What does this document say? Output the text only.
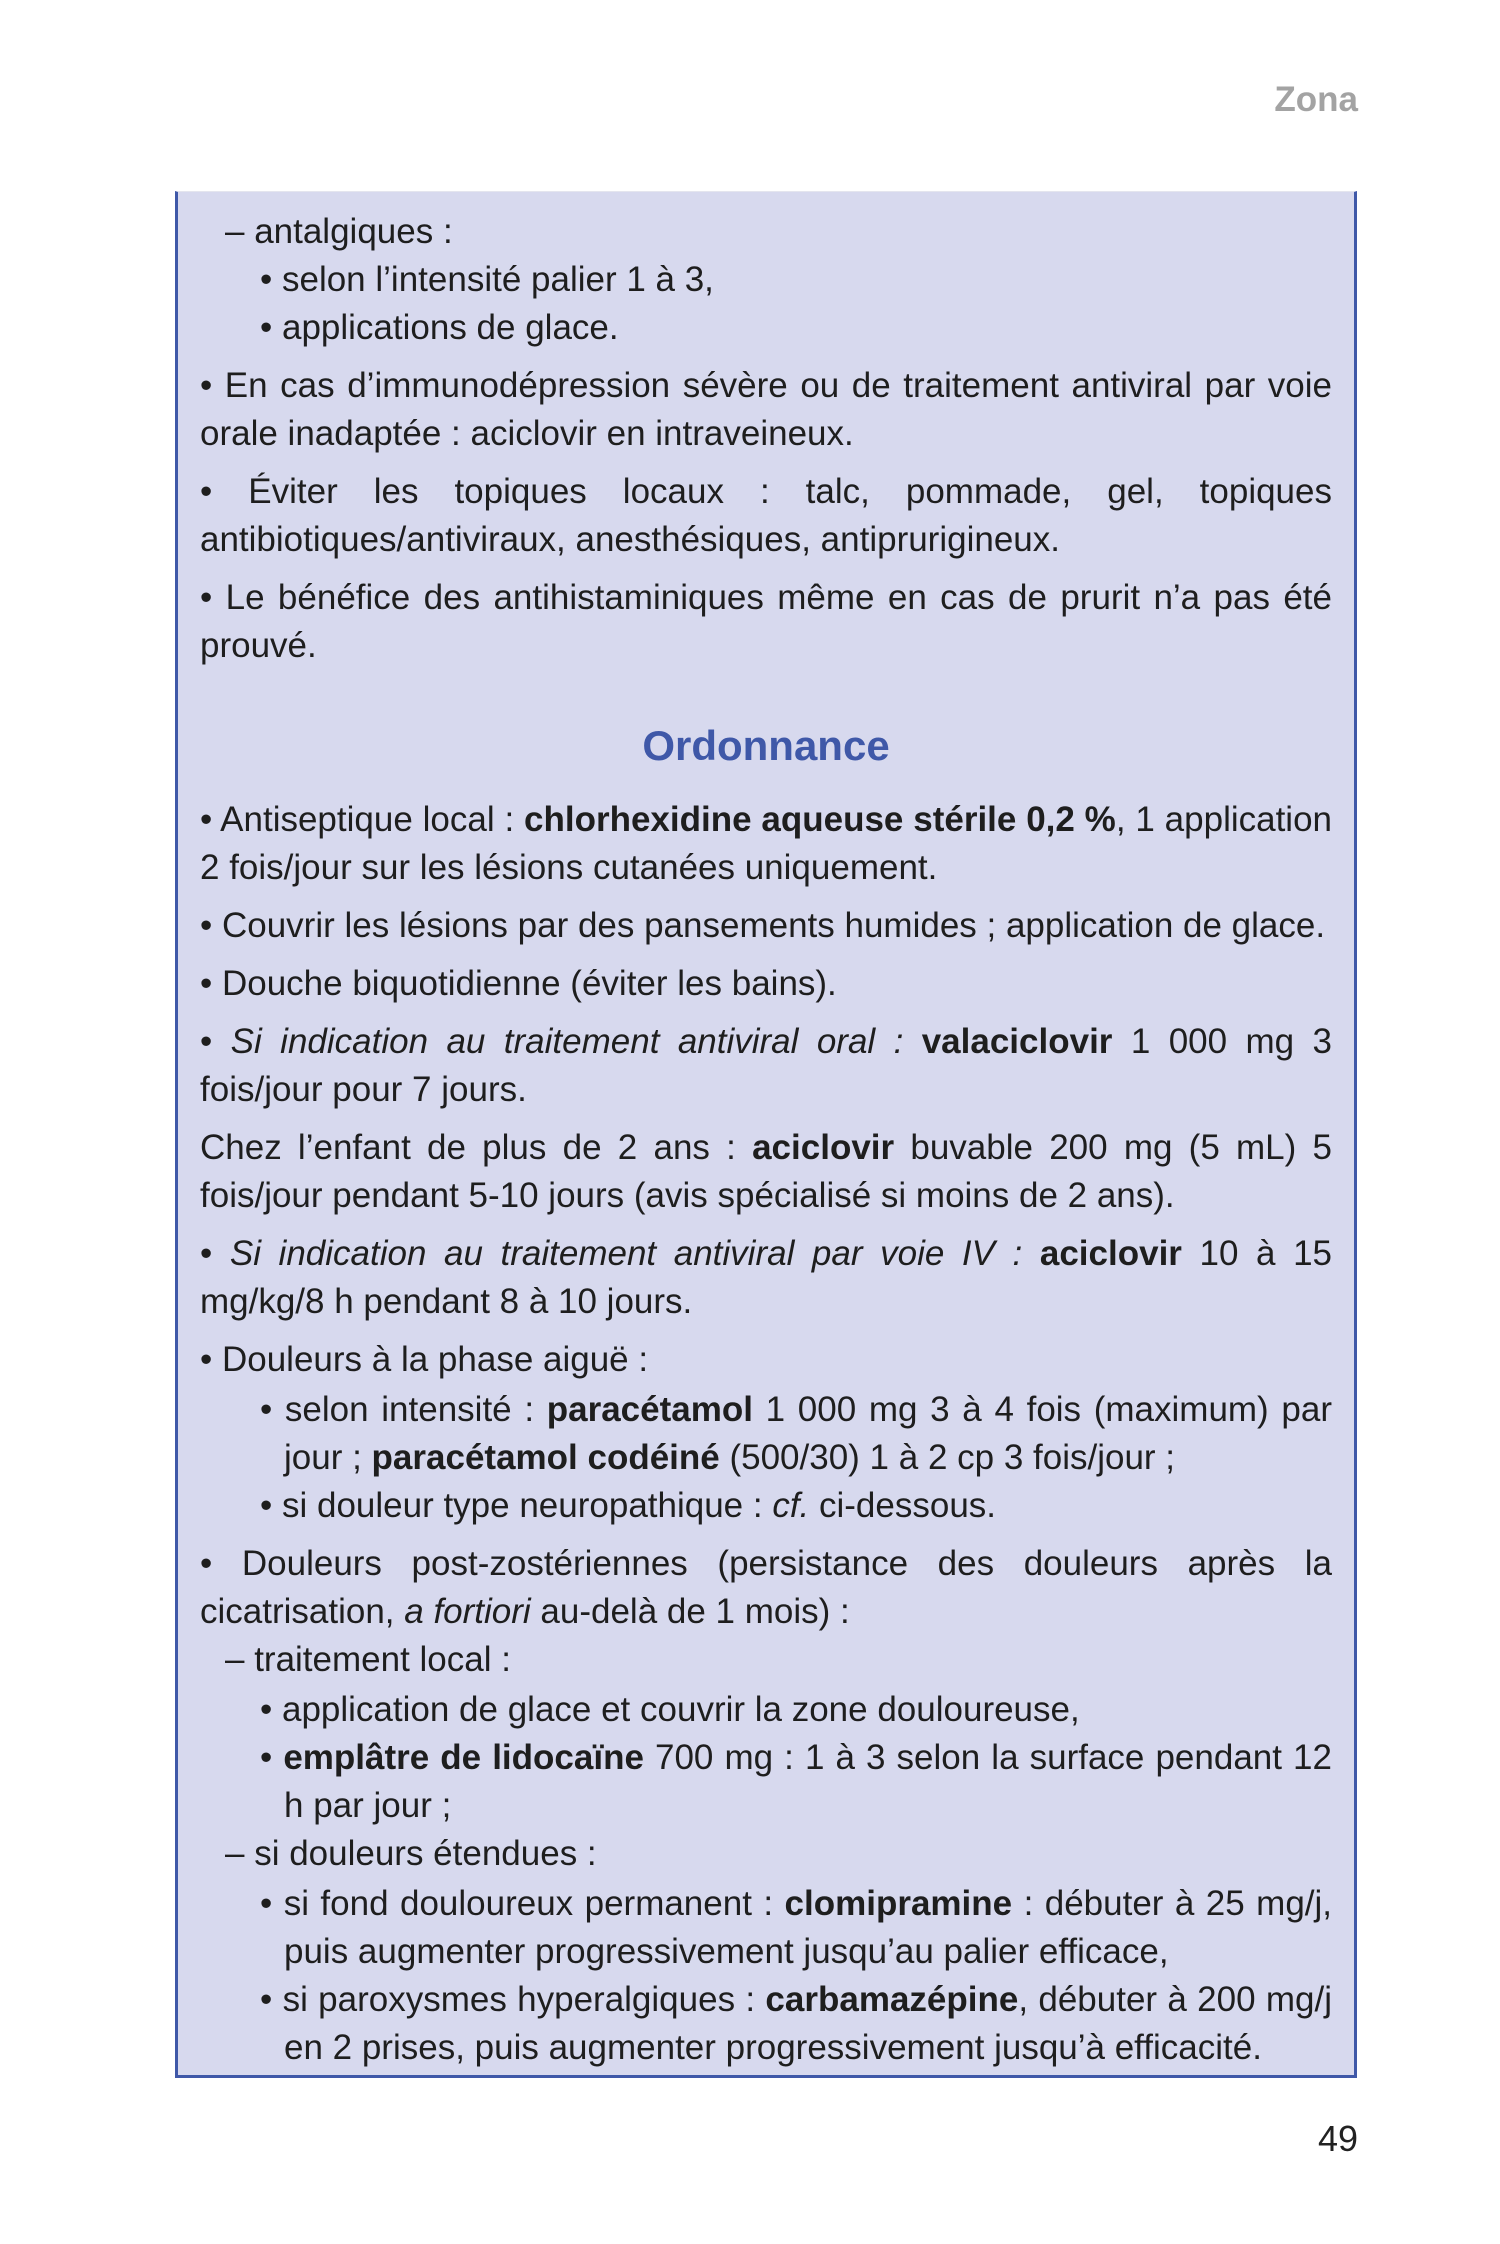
Zona

– antalgiques :

• selon l’intensité palier 1 à 3,

• applications de glace.

• En cas d’immunodépression sévère ou de traitement antiviral par voie orale inadaptée : aciclovir en intraveineux.

• Éviter les topiques locaux : talc, pommade, gel, topiques antibiotiques/antiviraux, anesthésiques, antiprurigineux.

• Le bénéfice des antihistaminiques même en cas de prurit n’a pas été prouvé.

Ordonnance

• Antiseptique local : chlorhexidine aqueuse stérile 0,2 %, 1 application 2 fois/jour sur les lésions cutanées uniquement.

• Couvrir les lésions par des pansements humides ; application de glace.

• Douche biquotidienne (éviter les bains).

• Si indication au traitement antiviral oral : valaciclovir 1 000 mg 3 fois/jour pour 7 jours.

Chez l’enfant de plus de 2 ans : aciclovir buvable 200 mg (5 mL) 5 fois/jour pendant 5-10 jours (avis spécialisé si moins de 2 ans).

• Si indication au traitement antiviral par voie IV : aciclovir 10 à 15 mg/kg/8 h pendant 8 à 10 jours.

• Douleurs à la phase aiguë :

• selon intensité : paracétamol 1 000 mg 3 à 4 fois (maximum) par jour ; paracétamol codéiné (500/30) 1 à 2 cp 3 fois/jour ;

• si douleur type neuropathique : cf. ci-dessous.

• Douleurs post-zostériennes (persistance des douleurs après la cicatrisation, a fortiori au-delà de 1 mois) :

– traitement local :

• application de glace et couvrir la zone douloureuse,

• emplâtre de lidocaïne 700 mg : 1 à 3 selon la surface pendant 12 h par jour ;

– si douleurs étendues :

• si fond douloureux permanent : clomipramine : débuter à 25 mg/j, puis augmenter progressivement jusqu’au palier efficace,

• si paroxysmes hyperalgiques : carbamazépine, débuter à 200 mg/j en 2 prises, puis augmenter progressivement jusqu’à efficacité.

49
